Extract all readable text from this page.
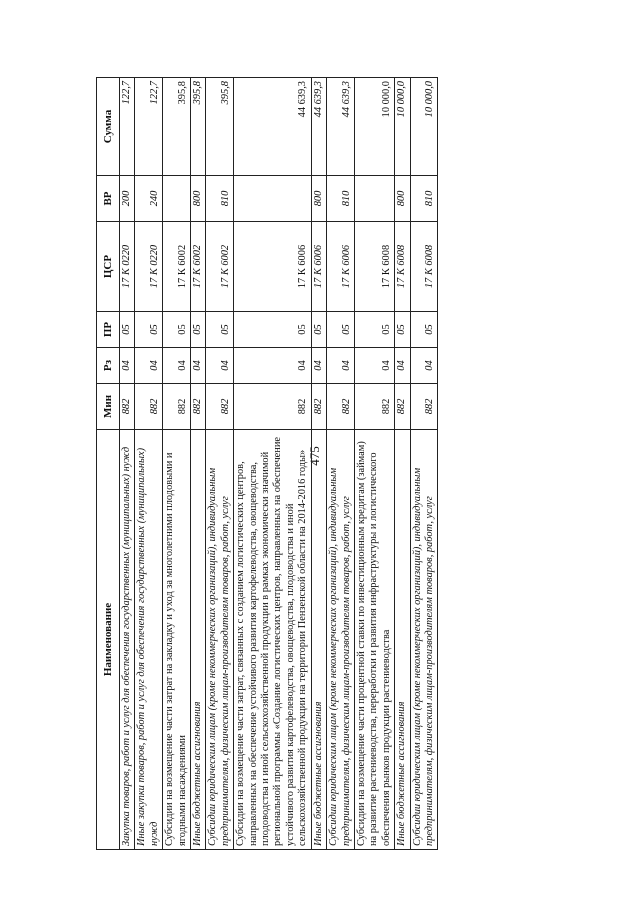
475
Наименование	Мин	Рз	ПР	ЦСР	ВР	Сумма
Закупка товаров, работ и услуг для обеспечения государственных (муниципальных) нужд	882	04	05	17 К 0220	200	122,7
Иные закупки товаров, работ и услуг для обеспечения государственных (муниципальных) нужд	882	04	05	17 К 0220	240	122,7
Субсидии на возмещение части затрат на закладку и уход за многолетними плодовыми и ягодными насаждениями	882	04	05	17 К 6002		395,8
Иные бюджетные ассигнования	882	04	05	17 К 6002	800	395,8
Субсидии юридическим лицам (кроме некоммерческих организаций), индивидуальным предпринимателям, физическим лицам-производителям товаров, работ, услуг	882	04	05	17 К 6002	810	395,8
Субсидии на возмещение части затрат, связанных с созданием логистических центров, направленных на обеспечение устойчивого развития картофелеводства, овощеводства, плодоводства и иной сельскохозяйственной продукции в рамках экономически значимой региональной программы «Создание логистических центров, направленных на обеспечение устойчивого развития картофелеводства, овощеводства, плодоводства и иной сельскохозяйственной продукции на территории Пензенской области на 2014-2016 годы»	882	04	05	17 К 6006		44 639,3
Иные бюджетные ассигнования	882	04	05	17 К 6006	800	44 639,3
Субсидии юридическим лицам (кроме некоммерческих организаций), индивидуальным предпринимателям, физическим лицам-производителям товаров, работ, услуг	882	04	05	17 К 6006	810	44 639,3
Субсидии на возмещение части процентной ставки по инвестиционным кредитам (займам) на развитие растениеводства, переработки и развития инфраструктуры и логистического обеспечения рынков продукции растениеводства	882	04	05	17 К 6008		10 000,0
Иные бюджетные ассигнования	882	04	05	17 К 6008	800	10 000,0
Субсидии юридическим лицам (кроме некоммерческих организаций), индивидуальным предпринимателям, физическим лицам-производителям товаров, работ, услуг	882	04	05	17 К 6008	810	10 000,0
